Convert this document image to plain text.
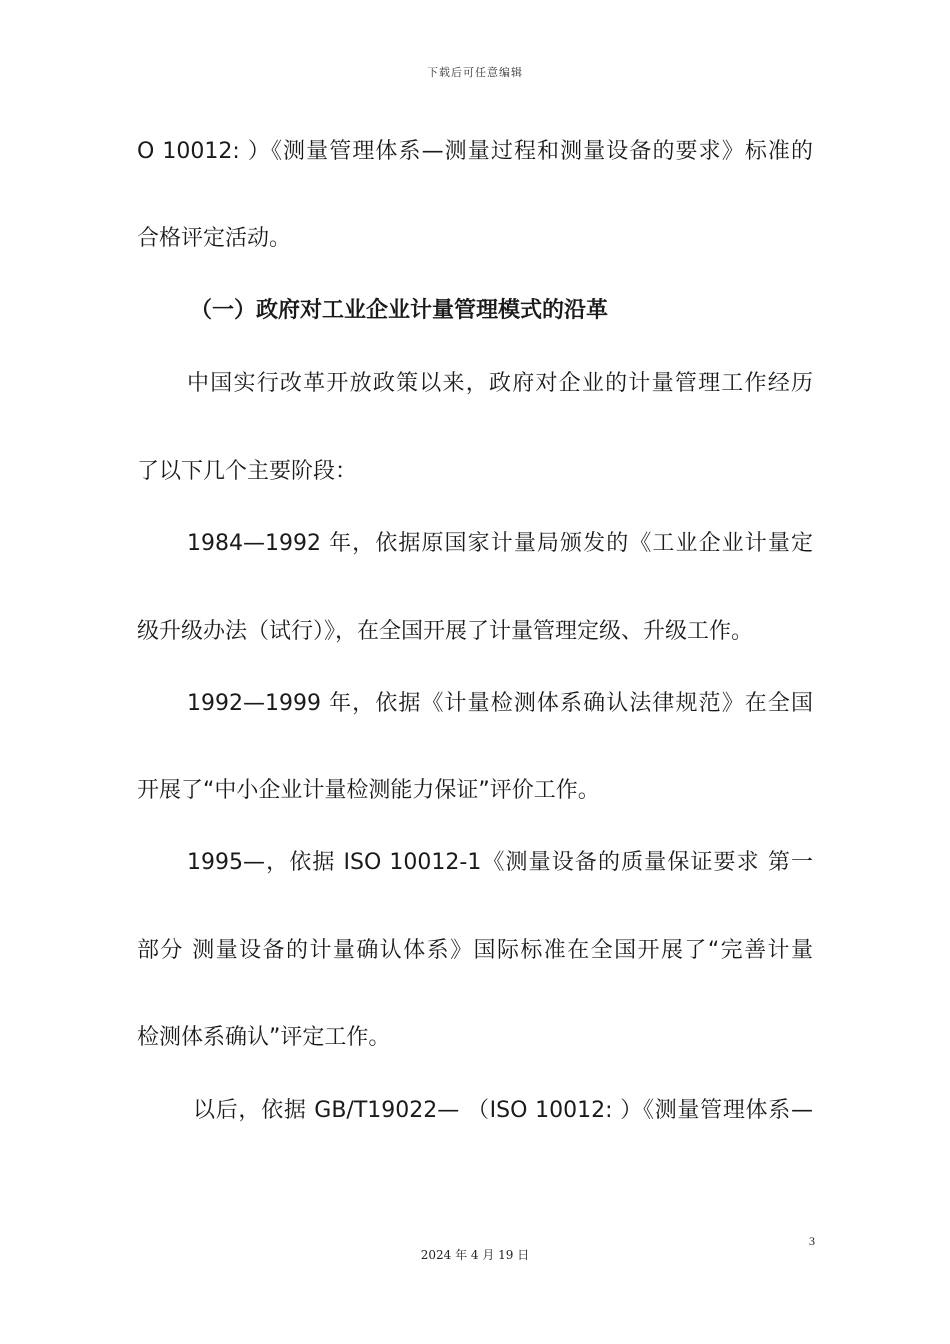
下载后可任意编辑
O 10012: ）《测量管理体系—测量过程和测量设备的要求》标准的
合格评定活动。
（一）政府对工业企业计量管理模式的沿革
中国实行改革开放政策以来，政府对企业的计量管理工作经历
了以下几个主要阶段：
1984—1992 年，依据原国家计量局颁发的《工业企业计量定
级升级办法（试行）》，在全国开展了计量管理定级、升级工作。
1992—1999 年，依据《计量检测体系确认法律规范》在全国
开展了“中小企业计量检测能力保证”评价工作。
1995—，依据 ISO 10012-1《测量设备的质量保证要求 第一
部分 测量设备的计量确认体系》国际标准在全国开展了“完善计量
检测体系确认”评定工作。
以后，依据 GB/T19022— （ISO 10012: ）《测量管理体系—
3
2024 年 4 月 19 日
